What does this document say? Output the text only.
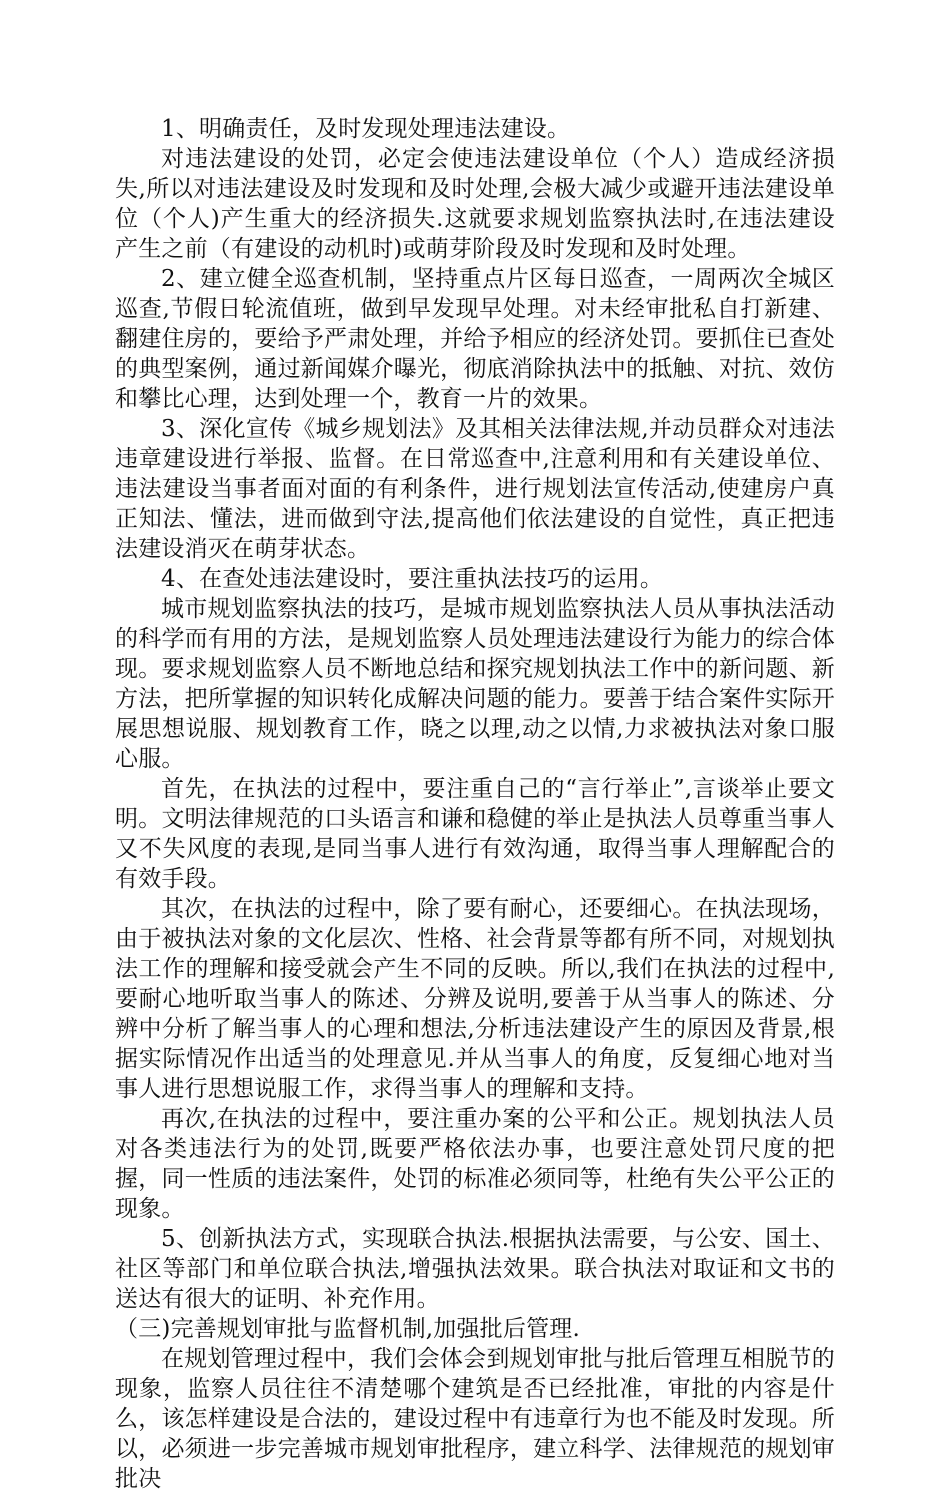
1、明确责任，及时发现处理违法建设。

对违法建设的处罚，必定会使违法建设单位（个人）造成经济损失,所以对违法建设及时发现和及时处理,会极大减少或避开违法建设单位（个人)产生重大的经济损失.这就要求规划监察执法时,在违法建设产生之前（有建设的动机时)或萌芽阶段及时发现和及时处理。

2、建立健全巡查机制，坚持重点片区每日巡查，一周两次全城区巡查,节假日轮流值班，做到早发现早处理。对未经审批私自打新建、翻建住房的，要给予严肃处理，并给予相应的经济处罚。要抓住已查处的典型案例，通过新闻媒介曝光，彻底消除执法中的抵触、对抗、效仿和攀比心理，达到处理一个，教育一片的效果。

3、深化宣传《城乡规划法》及其相关法律法规,并动员群众对违法违章建设进行举报、监督。在日常巡查中,注意利用和有关建设单位、违法建设当事者面对面的有利条件，进行规划法宣传活动,使建房户真正知法、懂法，进而做到守法,提高他们依法建设的自觉性，真正把违法建设消灭在萌芽状态。

4、在查处违法建设时，要注重执法技巧的运用。

城市规划监察执法的技巧，是城市规划监察执法人员从事执法活动的科学而有用的方法，是规划监察人员处理违法建设行为能力的综合体现。要求规划监察人员不断地总结和探究规划执法工作中的新问题、新方法，把所掌握的知识转化成解决问题的能力。要善于结合案件实际开展思想说服、规划教育工作，晓之以理,动之以情,力求被执法对象口服心服。

首先，在执法的过程中，要注重自己的“言行举止”,言谈举止要文明。文明法律规范的口头语言和谦和稳健的举止是执法人员尊重当事人又不失风度的表现,是同当事人进行有效沟通，取得当事人理解配合的有效手段。

其次，在执法的过程中，除了要有耐心，还要细心。在执法现场，由于被执法对象的文化层次、性格、社会背景等都有所不同，对规划执法工作的理解和接受就会产生不同的反映。所以,我们在执法的过程中,要耐心地听取当事人的陈述、分辨及说明,要善于从当事人的陈述、分辨中分析了解当事人的心理和想法,分析违法建设产生的原因及背景,根据实际情况作出适当的处理意见.并从当事人的角度，反复细心地对当事人进行思想说服工作，求得当事人的理解和支持。

再次,在执法的过程中，要注重办案的公平和公正。规划执法人员对各类违法行为的处罚,既要严格依法办事，也要注意处罚尺度的把握，同一性质的违法案件，处罚的标准必须同等，杜绝有失公平公正的现象。

5、创新执法方式，实现联合执法.根据执法需要，与公安、国土、社区等部门和单位联合执法,增强执法效果。联合执法对取证和文书的送达有很大的证明、补充作用。

（三)完善规划审批与监督机制,加强批后管理.

在规划管理过程中，我们会体会到规划审批与批后管理互相脱节的现象，监察人员往往不清楚哪个建筑是否已经批准，审批的内容是什么，该怎样建设是合法的，建设过程中有违章行为也不能及时发现。所以，必须进一步完善城市规划审批程序，建立科学、法律规范的规划审批决
